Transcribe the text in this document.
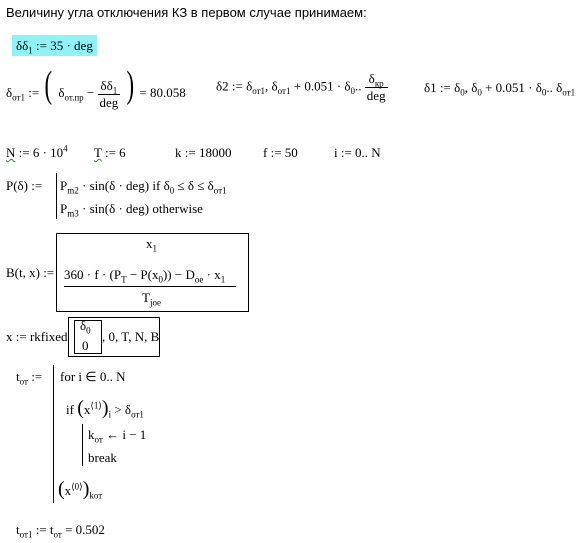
Величину угла отключения КЗ в первом случае принимаем:
$\delta\delta_1$ := 35 · deg
$\delta_{от1}$ := ( $\delta_{от.пр} - \frac{\delta\delta_1}{\text{deg}}$ ) = 80.058 δ2 := $\delta_{от1}$, $\delta_{от1} + 0.051 \cdot \delta_0$.. $\frac{\delta_{кр}}{\text{deg}}$	δ1 := $\delta_0$, $\delta_0 + 0.051 \cdot \delta_0$.. $\delta_{от1}$
N := $6 \cdot 10^4$ T := 6	k := 18000 f := 50	i := 0.. N
P(δ) := $P_{m2} \cdot \sin(\delta \cdot deg)$ if $\delta_0 \le \delta \le \delta_{от1}$
$P_{m3} \cdot \sin(\delta \cdot deg)$ otherwise
B(t, x) :=
$x_1$
$360 \cdot f \cdot (P_T - P(x_0)) - D_{oe} \cdot x_1$
$T_{joe}$
x := rkfixed
$\delta_0$
0
, 0, T, N, B
$t_{от}$ := for i ∈ 0.. N
if $(x^{⟨1⟩})_i > \delta_{от1}$
$k_{от}$ ← i − 1
break
$(x^{⟨0⟩})_{kот}$
$t_{от1}$ := $t_{от} = 0.502$
